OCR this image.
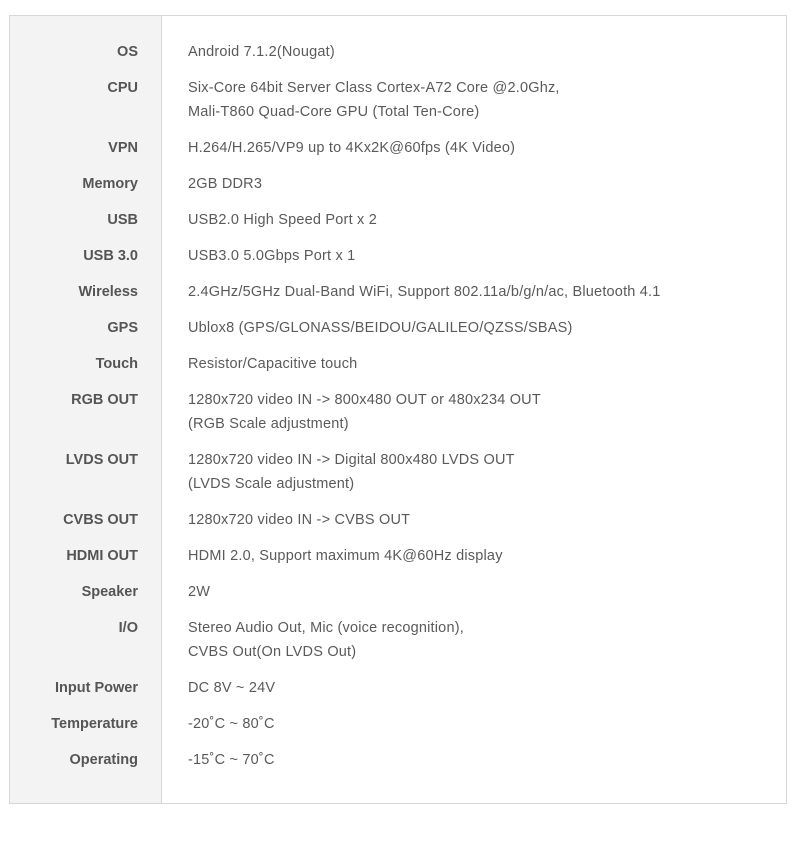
OS	Android 7.1.2(Nougat)
CPU	Six-Core 64bit Server Class Cortex-A72 Core @2.0Ghz,
Mali-T860 Quad-Core GPU (Total Ten-Core)
VPN	H.264/H.265/VP9 up to 4Kx2K@60fps (4K Video)
Memory	2GB DDR3
USB	USB2.0 High Speed Port x 2
USB 3.0	USB3.0 5.0Gbps Port x 1
Wireless	2.4GHz/5GHz Dual-Band WiFi, Support 802.11a/b/g/n/ac, Bluetooth 4.1
GPS	Ublox8 (GPS/GLONASS/BEIDOU/GALILEO/QZSS/SBAS)
Touch	Resistor/Capacitive touch
RGB OUT	1280x720 video IN -> 800x480 OUT or 480x234 OUT
(RGB Scale adjustment)
LVDS OUT	1280x720 video IN -> Digital 800x480 LVDS OUT
(LVDS Scale adjustment)
CVBS OUT	1280x720 video IN -> CVBS OUT
HDMI OUT	HDMI 2.0, Support maximum 4K@60Hz display
Speaker	2W
I/O	Stereo Audio Out, Mic (voice recognition),
CVBS Out(On LVDS Out)
Input Power	DC 8V ~ 24V
Temperature	-20˚C ~ 80˚C
Operating	-15˚C ~ 70˚C
